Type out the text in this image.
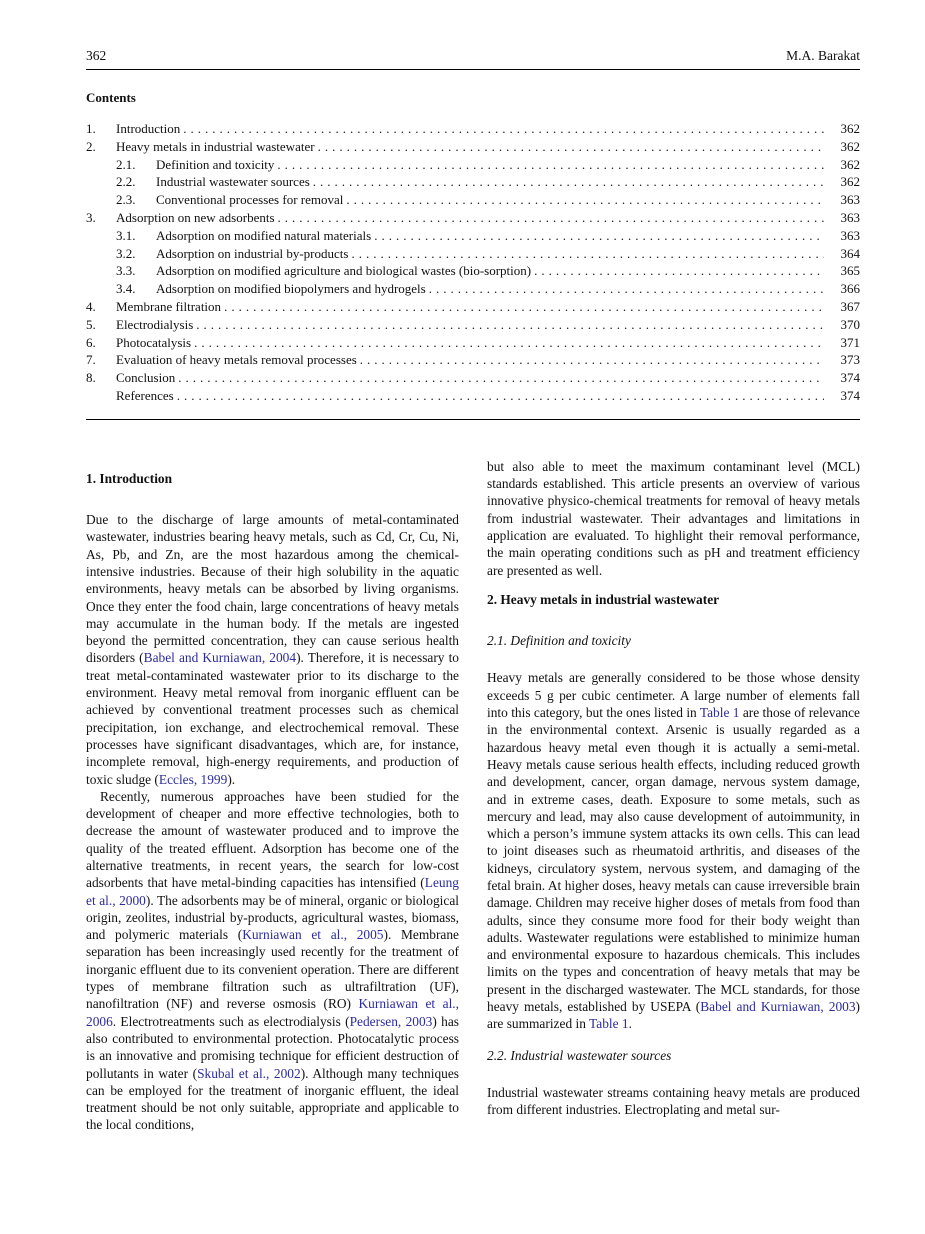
362	M.A. Barakat
Contents
1.	Introduction .....	362
2.	Heavy metals in industrial wastewater .....	362
2.1.	Definition and toxicity .....	362
2.2.	Industrial wastewater sources .....	362
2.3.	Conventional processes for removal .....	363
3.	Adsorption on new adsorbents .....	363
3.1.	Adsorption on modified natural materials .....	363
3.2.	Adsorption on industrial by-products .....	364
3.3.	Adsorption on modified agriculture and biological wastes (bio-sorption) .....	365
3.4.	Adsorption on modified biopolymers and hydrogels .....	366
4.	Membrane filtration .....	367
5.	Electrodialysis .....	370
6.	Photocatalysis .....	371
7.	Evaluation of heavy metals removal processes .....	373
8.	Conclusion .....	374
References .....	374
1. Introduction
Due to the discharge of large amounts of metal-contaminated wastewater, industries bearing heavy metals, such as Cd, Cr, Cu, Ni, As, Pb, and Zn, are the most hazardous among the chemical-intensive industries. Because of their high solubility in the aquatic environments, heavy metals can be absorbed by living organisms. Once they enter the food chain, large concentrations of heavy metals may accumulate in the human body. If the metals are ingested beyond the permitted concentration, they can cause serious health disorders (Babel and Kurniawan, 2004). Therefore, it is necessary to treat metal-contaminated wastewater prior to its discharge to the environment. Heavy metal removal from inorganic effluent can be achieved by conventional treatment processes such as chemical precipitation, ion exchange, and electrochemical removal. These processes have significant disadvantages, which are, for instance, incomplete removal, high-energy requirements, and production of toxic sludge (Eccles, 1999).
Recently, numerous approaches have been studied for the development of cheaper and more effective technologies, both to decrease the amount of wastewater produced and to improve the quality of the treated effluent. Adsorption has become one of the alternative treatments, in recent years, the search for low-cost adsorbents that have metal-binding capacities has intensified (Leung et al., 2000). The adsorbents may be of mineral, organic or biological origin, zeolites, industrial by-products, agricultural wastes, biomass, and polymeric materials (Kurniawan et al., 2005). Membrane separation has been increasingly used recently for the treatment of inorganic effluent due to its convenient operation. There are different types of membrane filtration such as ultrafiltration (UF), nanofiltration (NF) and reverse osmosis (RO) Kurniawan et al., 2006. Electrotreatments such as electrodialysis (Pedersen, 2003) has also contributed to environmental protection. Photocatalytic process is an innovative and promising technique for efficient destruction of pollutants in water (Skubal et al., 2002). Although many techniques can be employed for the treatment of inorganic effluent, the ideal treatment should be not only suitable, appropriate and applicable to the local conditions,
but also able to meet the maximum contaminant level (MCL) standards established. This article presents an overview of various innovative physico-chemical treatments for removal of heavy metals from industrial wastewater. Their advantages and limitations in application are evaluated. To highlight their removal performance, the main operating conditions such as pH and treatment efficiency are presented as well.
2. Heavy metals in industrial wastewater
2.1. Definition and toxicity
Heavy metals are generally considered to be those whose density exceeds 5 g per cubic centimeter. A large number of elements fall into this category, but the ones listed in Table 1 are those of relevance in the environmental context. Arsenic is usually regarded as a hazardous heavy metal even though it is actually a semi-metal. Heavy metals cause serious health effects, including reduced growth and development, cancer, organ damage, nervous system damage, and in extreme cases, death. Exposure to some metals, such as mercury and lead, may also cause development of autoimmunity, in which a person’s immune system attacks its own cells. This can lead to joint diseases such as rheumatoid arthritis, and diseases of the kidneys, circulatory system, nervous system, and damaging of the fetal brain. At higher doses, heavy metals can cause irreversible brain damage. Children may receive higher doses of metals from food than adults, since they consume more food for their body weight than adults. Wastewater regulations were established to minimize human and environmental exposure to hazardous chemicals. This includes limits on the types and concentration of heavy metals that may be present in the discharged wastewater. The MCL standards, for those heavy metals, established by USEPA (Babel and Kurniawan, 2003) are summarized in Table 1.
2.2. Industrial wastewater sources
Industrial wastewater streams containing heavy metals are produced from different industries. Electroplating and metal sur-
